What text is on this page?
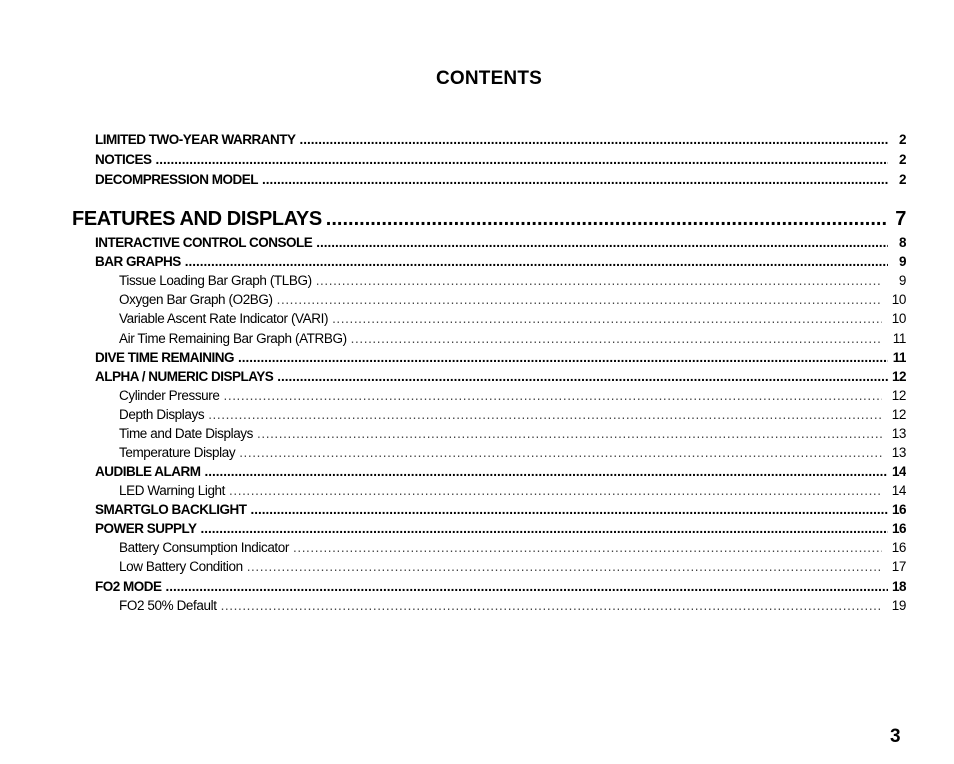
CONTENTS
LIMITED TWO-YEAR WARRANTY .....	2
NOTICES .....	2
DECOMPRESSION MODEL .....	2
FEATURES AND DISPLAYS .....	7
INTERACTIVE CONTROL CONSOLE .....	8
BAR GRAPHS .....	9
Tissue Loading Bar Graph (TLBG) .....	9
Oxygen Bar Graph (O2BG) .....	10
Variable Ascent Rate Indicator (VARI) .....	10
Air Time Remaining Bar Graph (ATRBG) .....	11
DIVE TIME REMAINING .....	11
ALPHA / NUMERIC DISPLAYS .....	12
Cylinder Pressure .....	12
Depth Displays .....	12
Time and Date Displays .....	13
Temperature Display .....	13
AUDIBLE ALARM .....	14
LED Warning Light .....	14
SMARTGLO BACKLIGHT .....	16
POWER SUPPLY .....	16
Battery Consumption Indicator .....	16
Low Battery Condition .....	17
FO2 MODE .....	18
FO2 50% Default .....	19
3
